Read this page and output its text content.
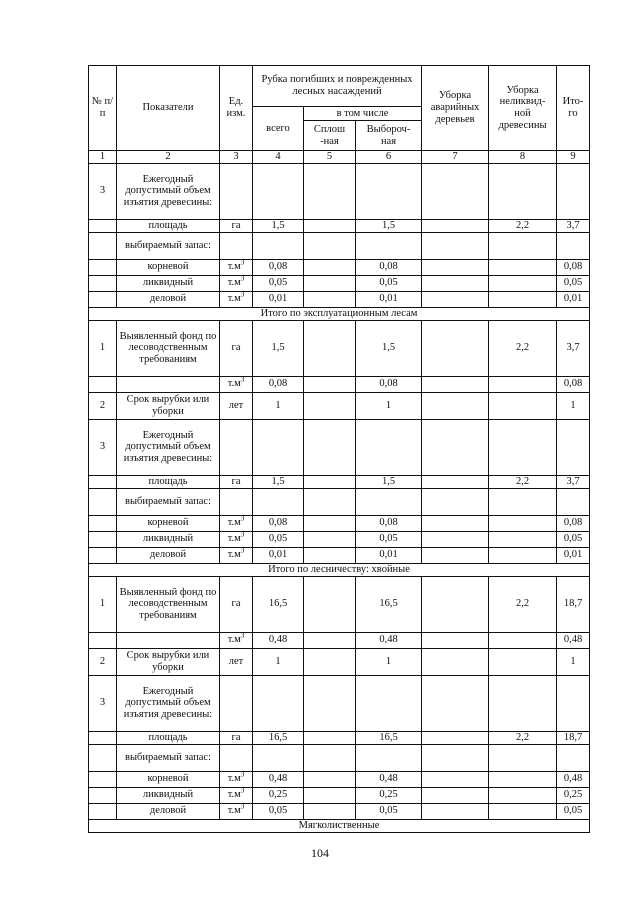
№ п/п	Показатели	Ед. изм.	Рубка погибших и поврежденных лесных насаждений			Уборка аварийных деревьев	Уборка неликвид- ной древесины	Ито- го
			всего	в том числе				
				Сплош -ная	Выбороч- ная			
1	2	3	4	5	6	7	8	9
3	Ежегодный допустимый объем изъятия древесины:							
	площадь	га	1,5		1,5		2,2	3,7
	выбираемый запас:							
	корневой	$т.м^3$	0,08		0,08			0,08
	ликвидный	$т.м^3$	0,05		0,05			0,05
	деловой	$т.м^3$	0,01		0,01			0,01
Итого по эксплуатационным лесам								
1	Выявленный фонд по лесоводственным требованиям	га	1,5		1,5		2,2	3,7
		$т.м^3$	0,08		0,08			0,08
2	Срок вырубки или уборки	лет	1		1			1
3	Ежегодный допустимый объем изъятия древесины:							
	площадь	га	1,5		1,5		2,2	3,7
	выбираемый запас:							
	корневой	$т.м^3$	0,08		0,08			0,08
	ликвидный	$т.м^3$	0,05		0,05			0,05
	деловой	$т.м^3$	0,01		0,01			0,01
Итого по лесничеству: хвойные								
1	Выявленный фонд по лесоводственным требованиям	га	16,5		16,5		2,2	18,7
		$т.м^3$	0,48		0,48			0,48
2	Срок вырубки или уборки	лет	1		1			1
3	Ежегодный допустимый объем изъятия древесины:							
	площадь	га	16,5		16,5		2,2	18,7
	выбираемый запас:							
	корневой	$т.м^3$	0,48		0,48			0,48
	ликвидный	$т.м^3$	0,25		0,25			0,25
	деловой	$т.м^3$	0,05		0,05			0,05
Мягколиственные								
104
